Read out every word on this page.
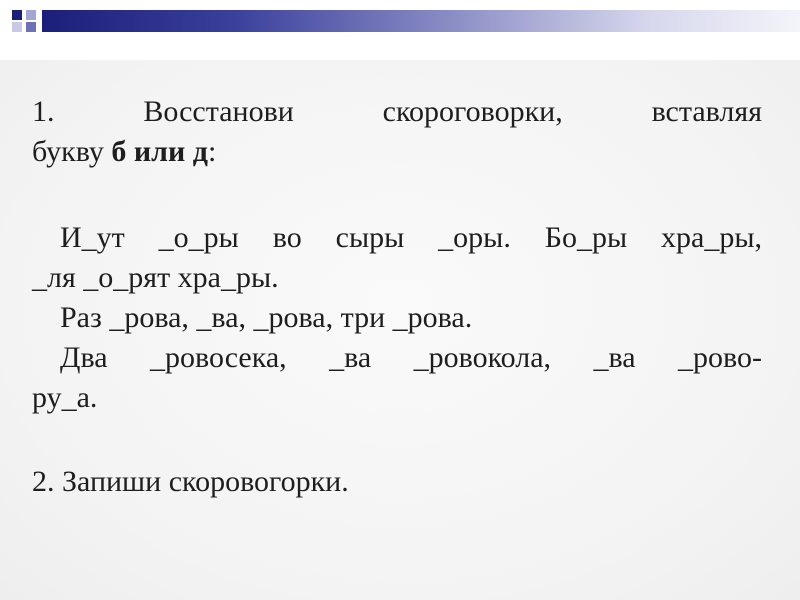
1. Восстанови скороговорки, вставляя
букву б или д:
И_ут _о_ры во сыры _оры. Бо_ры хра_ры,
_ля _о_рят хра_ры.
Раз _рова, _ва, _рова, три _рова.
Два _ровосека, _ва _ровокола, _ва _рово-
ру_а.
2. Запиши скоровогорки.
